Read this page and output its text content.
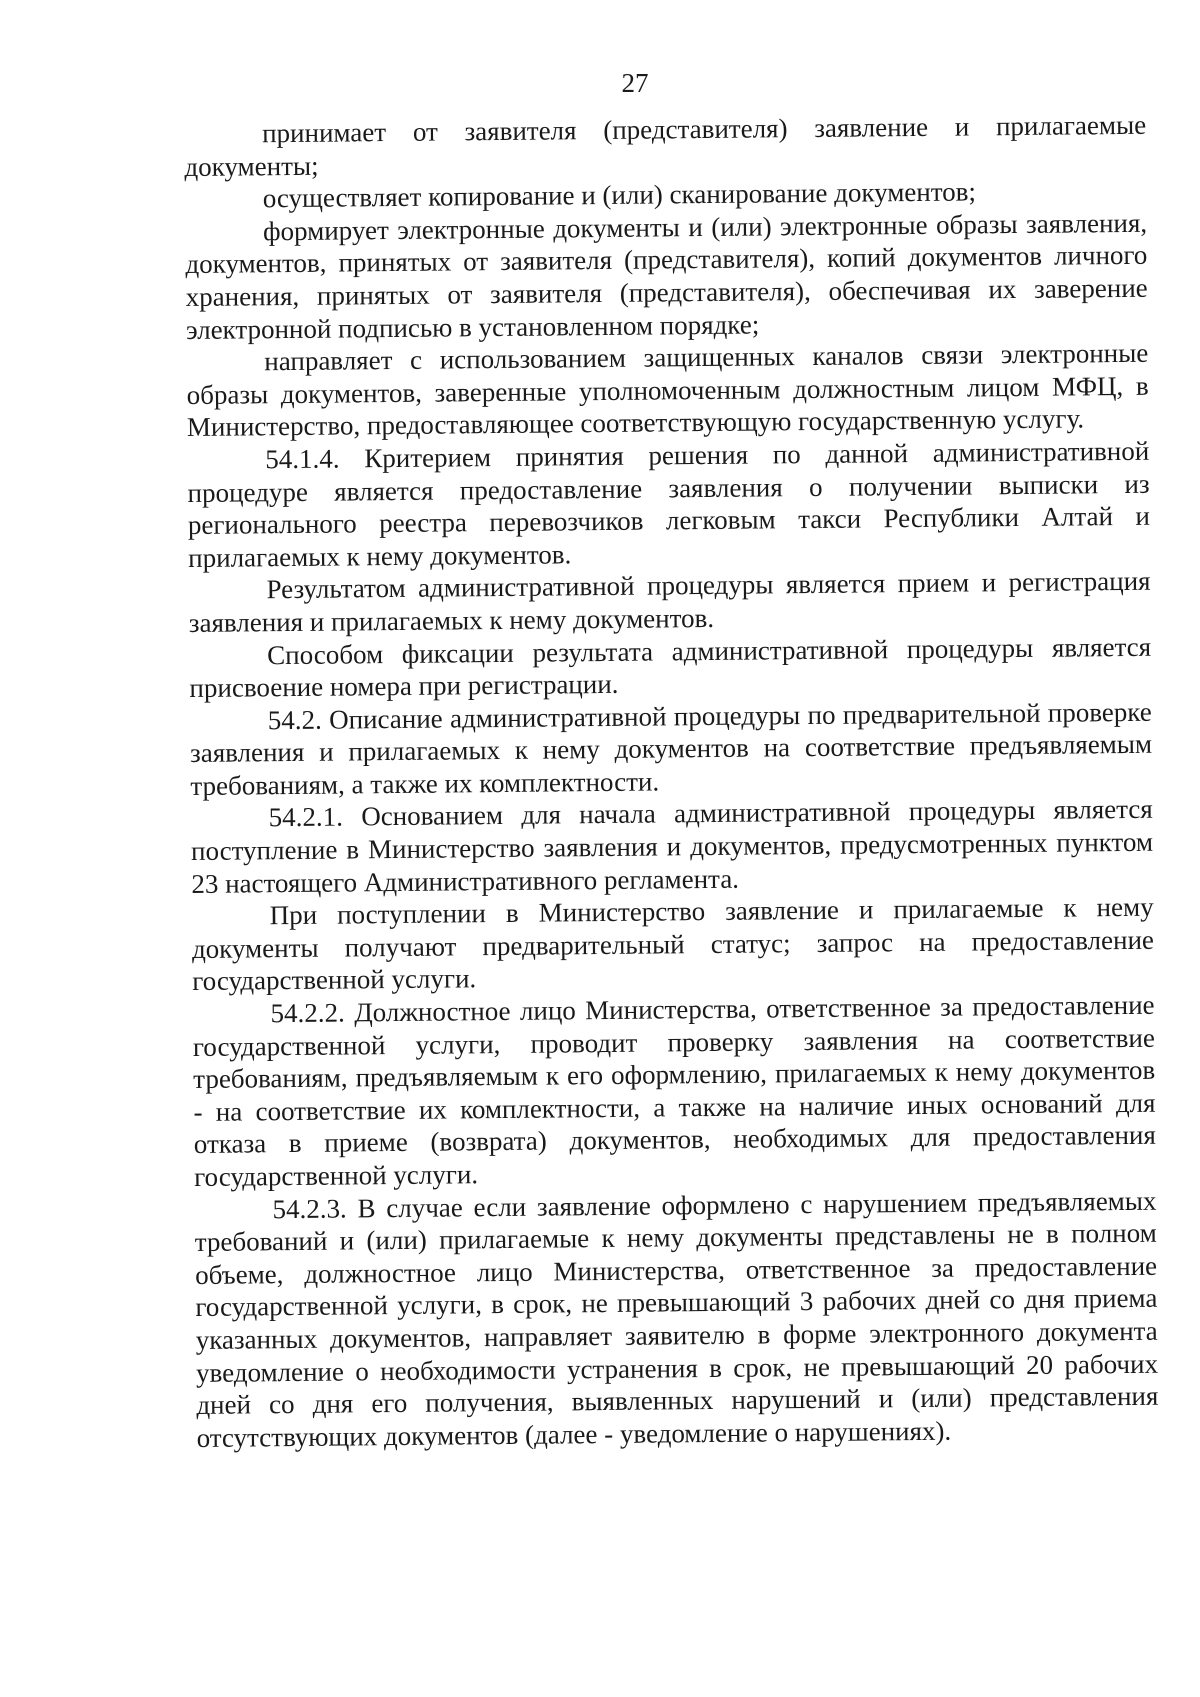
27

принимает от заявителя (представителя) заявление и прилагаемые документы;

осуществляет копирование и (или) сканирование документов;

формирует электронные документы и (или) электронные образы заявления, документов, принятых от заявителя (представителя), копий документов личного хранения, принятых от заявителя (представителя), обеспечивая их заверение электронной подписью в установленном порядке;

направляет с использованием защищенных каналов связи электронные образы документов, заверенные уполномоченным должностным лицом МФЦ, в Министерство, предоставляющее соответствующую государственную услугу.

54.1.4. Критерием принятия решения по данной административной процедуре является предоставление заявления о получении выписки из регионального реестра перевозчиков легковым такси Республики Алтай и прилагаемых к нему документов.

Результатом административной процедуры является прием и регистрация заявления и прилагаемых к нему документов.

Способом фиксации результата административной процедуры является присвоение номера при регистрации.

54.2. Описание административной процедуры по предварительной проверке заявления и прилагаемых к нему документов на соответствие предъявляемым требованиям, а также их комплектности.

54.2.1. Основанием для начала административной процедуры является поступление в Министерство заявления и документов, предусмотренных пунктом 23 настоящего Административного регламента.

При поступлении в Министерство заявление и прилагаемые к нему документы получают предварительный статус; запрос на предоставление государственной услуги.

54.2.2. Должностное лицо Министерства, ответственное за предоставление государственной услуги, проводит проверку заявления на соответствие требованиям, предъявляемым к его оформлению, прилагаемых к нему документов - на соответствие их комплектности, а также на наличие иных оснований для отказа в приеме (возврата) документов, необходимых для предоставления государственной услуги.

54.2.3. В случае если заявление оформлено с нарушением предъявляемых требований и (или) прилагаемые к нему документы представлены не в полном объеме, должностное лицо Министерства, ответственное за предоставление государственной услуги, в срок, не превышающий 3 рабочих дней со дня приема указанных документов, направляет заявителю в форме электронного документа уведомление о необходимости устранения в срок, не превышающий 20 рабочих дней со дня его получения, выявленных нарушений и (или) представления отсутствующих документов (далее - уведомление о нарушениях).
